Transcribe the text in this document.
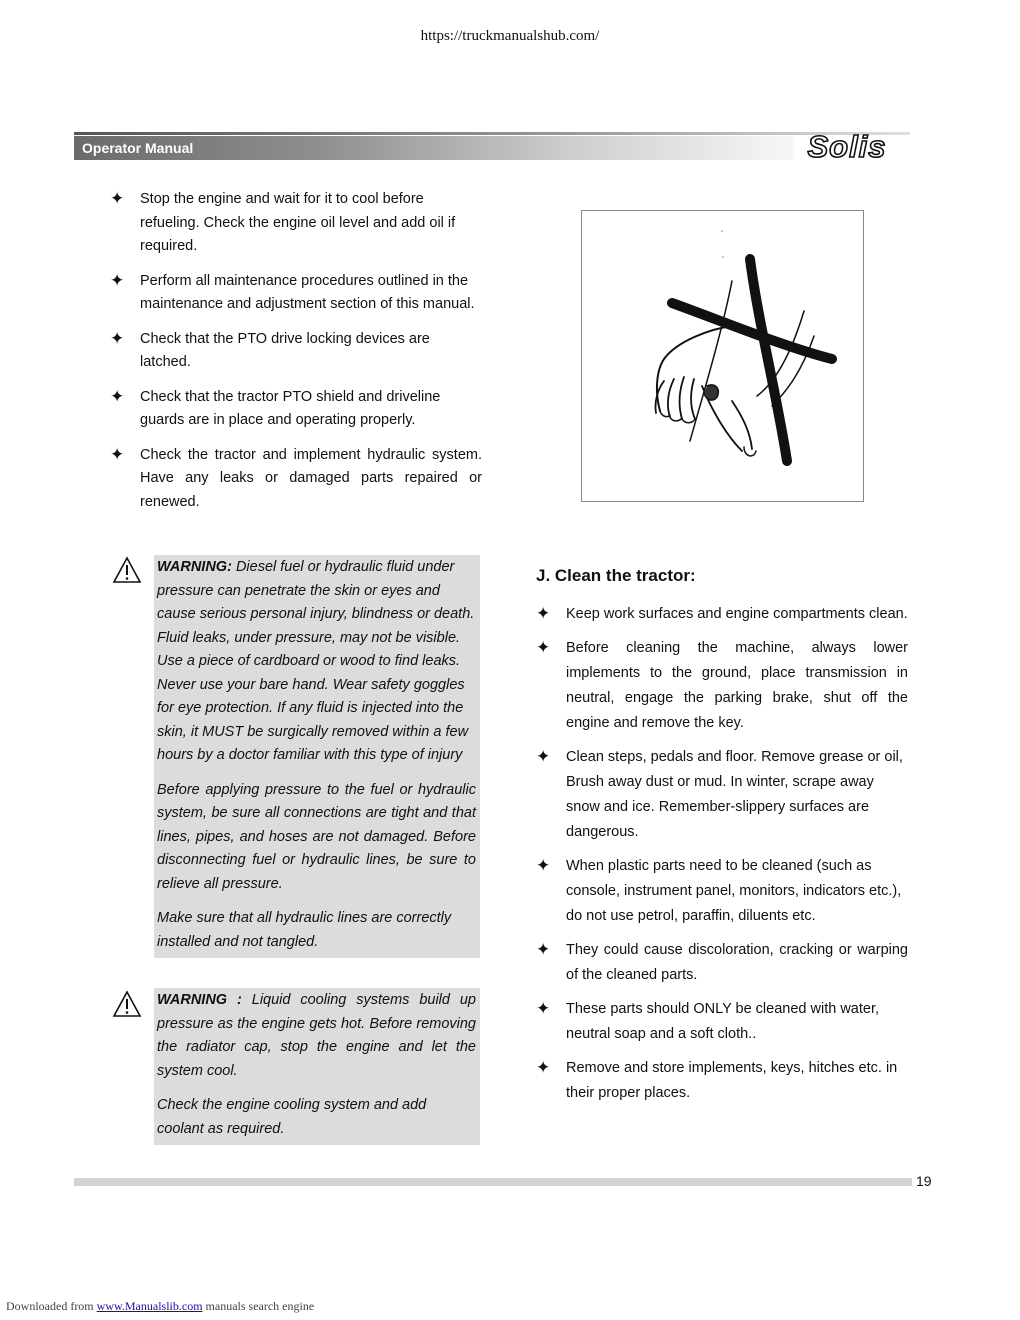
https://truckmanualshub.com/
Operator Manual	Solis
✦ Stop the engine and wait for it to cool before refueling. Check the engine oil level and add oil if required.
✦ Perform all maintenance procedures outlined in the maintenance and adjustment section of this manual.
✦ Check that the PTO drive locking devices are latched.
✦ Check that the tractor PTO shield and driveline guards are in place and operating properly.
✦ Check the tractor and implement hydraulic system. Have any leaks or damaged parts repaired or renewed.

WARNING: Diesel fuel or hydraulic fluid under pressure can penetrate the skin or eyes and cause serious personal injury, blindness or death. Fluid leaks, under pressure, may not be visible. Use a piece of cardboard or wood to find leaks. Never use your bare hand. Wear safety goggles for eye protection. If any fluid is injected into the skin, it MUST be surgically removed within a few hours by a doctor familiar with this type of injury

Before applying pressure to the fuel or hydraulic system, be sure all connections are tight and that lines, pipes, and hoses are not damaged. Before disconnecting fuel or hydraulic lines, be sure to relieve all pressure.

Make sure that all hydraulic lines are correctly installed and not tangled.

WARNING : Liquid cooling systems build up pressure as the engine gets hot. Before removing the radiator cap, stop the engine and let the system cool.

Check the engine cooling system and add coolant as required.

J. Clean the tractor:
✦ Keep work surfaces and engine compartments clean.
✦ Before cleaning the machine, always lower implements to the ground, place transmission in neutral, engage the parking brake, shut off the engine and remove the key.
✦ Clean steps, pedals and floor. Remove grease or oil, Brush away dust or mud. In winter, scrape away snow and ice. Remember-slippery surfaces are dangerous.
✦ When plastic parts need to be cleaned (such as console, instrument panel, monitors, indicators etc.), do not use petrol, paraffin, diluents etc.
✦ They could cause discoloration, cracking or warping of the cleaned parts.
✦ These parts should ONLY be cleaned with water, neutral soap and a soft cloth..
✦ Remove and store implements, keys, hitches etc. in their proper places.
19
Downloaded from www.Manualslib.com manuals search engine
